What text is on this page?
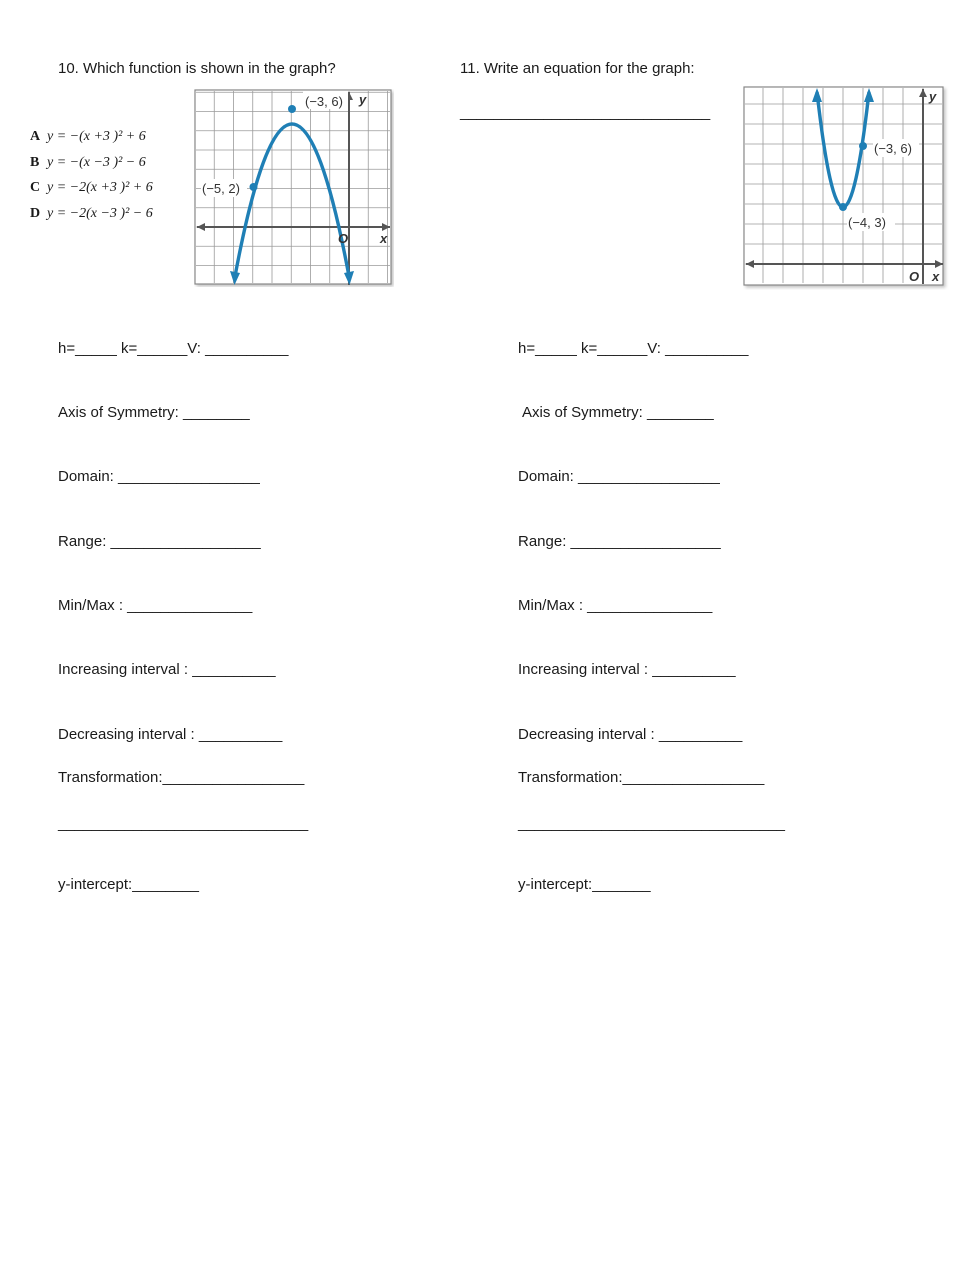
10. Which function is shown in the graph?
A y = −(x +3 )² + 6
B y = −(x −3 )² − 6
C y = −2(x +3 )² + 6
D y = −2(x −3 )² − 6
(−3, 6)
(−5, 2)
y
x
O
11. Write an equation for the graph:
______________________________
(−3, 6)
(−4, 3)
y
x
O
h=_____ k=______V: __________
Axis of Symmetry: ________
Domain: _________________
Range: __________________
Min/Max : _______________
Increasing interval : __________
Decreasing interval : __________
Transformation:_________________
______________________________
y-intercept:________
h=_____ k=______V: __________
Axis of Symmetry: ________
Domain: _________________
Range: __________________
Min/Max : _______________
Increasing interval : __________
Decreasing interval : __________
Transformation:_________________
________________________________
y-intercept:_______
